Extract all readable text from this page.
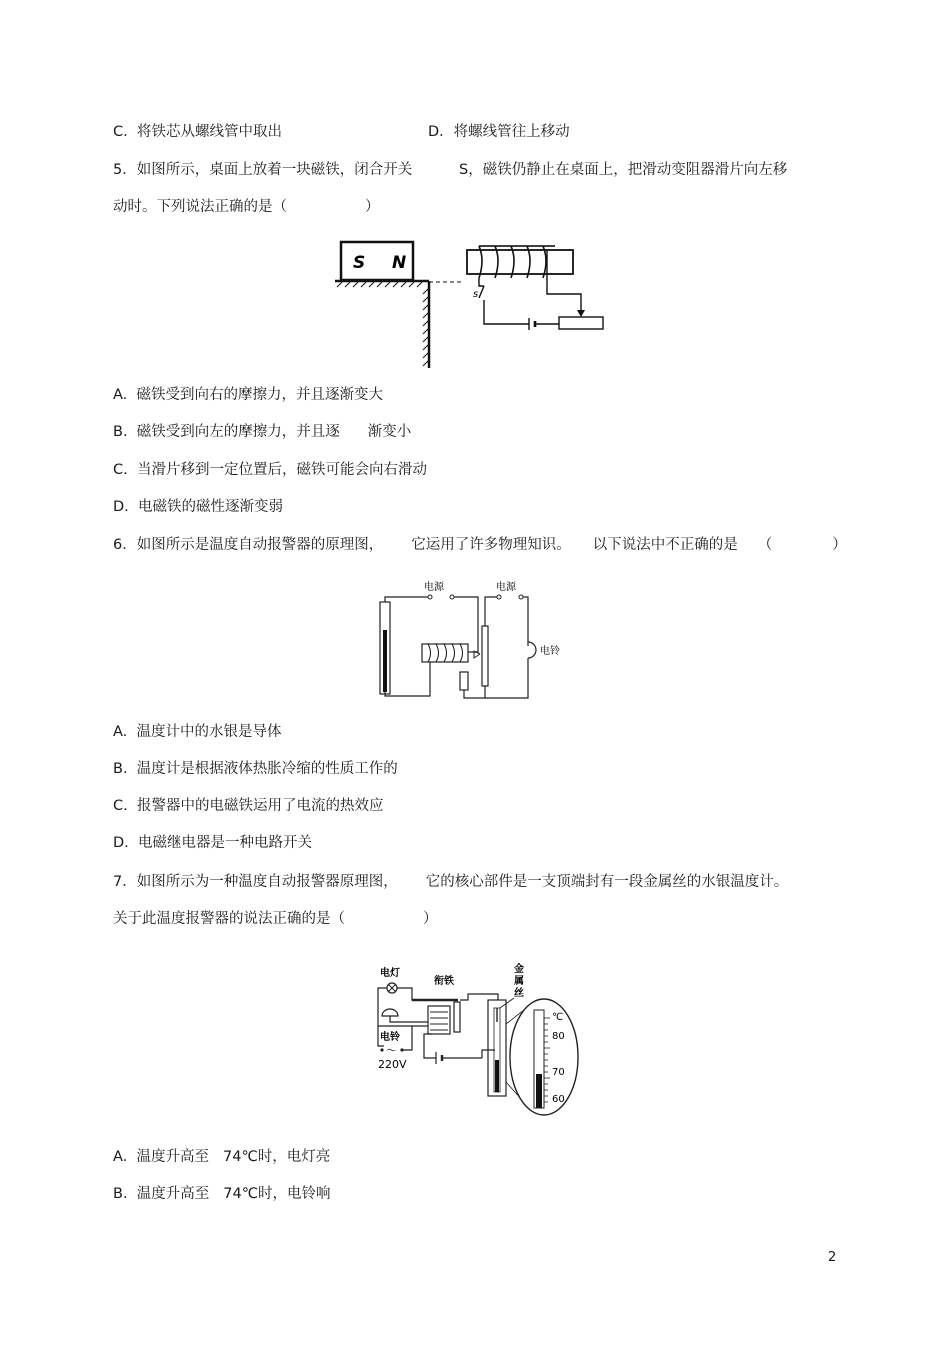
C. 将铁芯从螺线管中取出	D．将螺线管往上移动
5．如图所示，桌面上放着一块磁铁，闭合开关	S，磁铁仍静止在桌面上，把滑动变阻器滑片向左移
动时。下列说法正确的是（	）
S N
s
A. 磁铁受到向右的摩擦力，并且逐渐变大
B. 磁铁受到向左的摩擦力，并且逐 渐变小
C. 当滑片移到一定位置后，磁铁可能会向右滑动
D. 电磁铁的磁性逐渐变弱
6．如图所示是温度自动报警器的原理图， 它运用了许多物理知识。 以下说法中不正确的是 （	）
电源	电源
电铃
A. 温度计中的水银是导体
B. 温度计是根据液体热胀冷缩的性质工作的
C. 报警器中的电磁铁运用了电流的热效应
D. 电磁继电器是一种电路开关
7．如图所示为一种温度自动报警器原理图， 它的核心部件是一支顶端封有一段金属丝的水银温度计。
关于此温度报警器的说法正确的是（	）
电灯
电铃
～
220V
衔铁
金
属
丝
℃
80
70
60
A. 温度升高至 74℃时，电灯亮
B. 温度升高至 74℃时，电铃响
2
